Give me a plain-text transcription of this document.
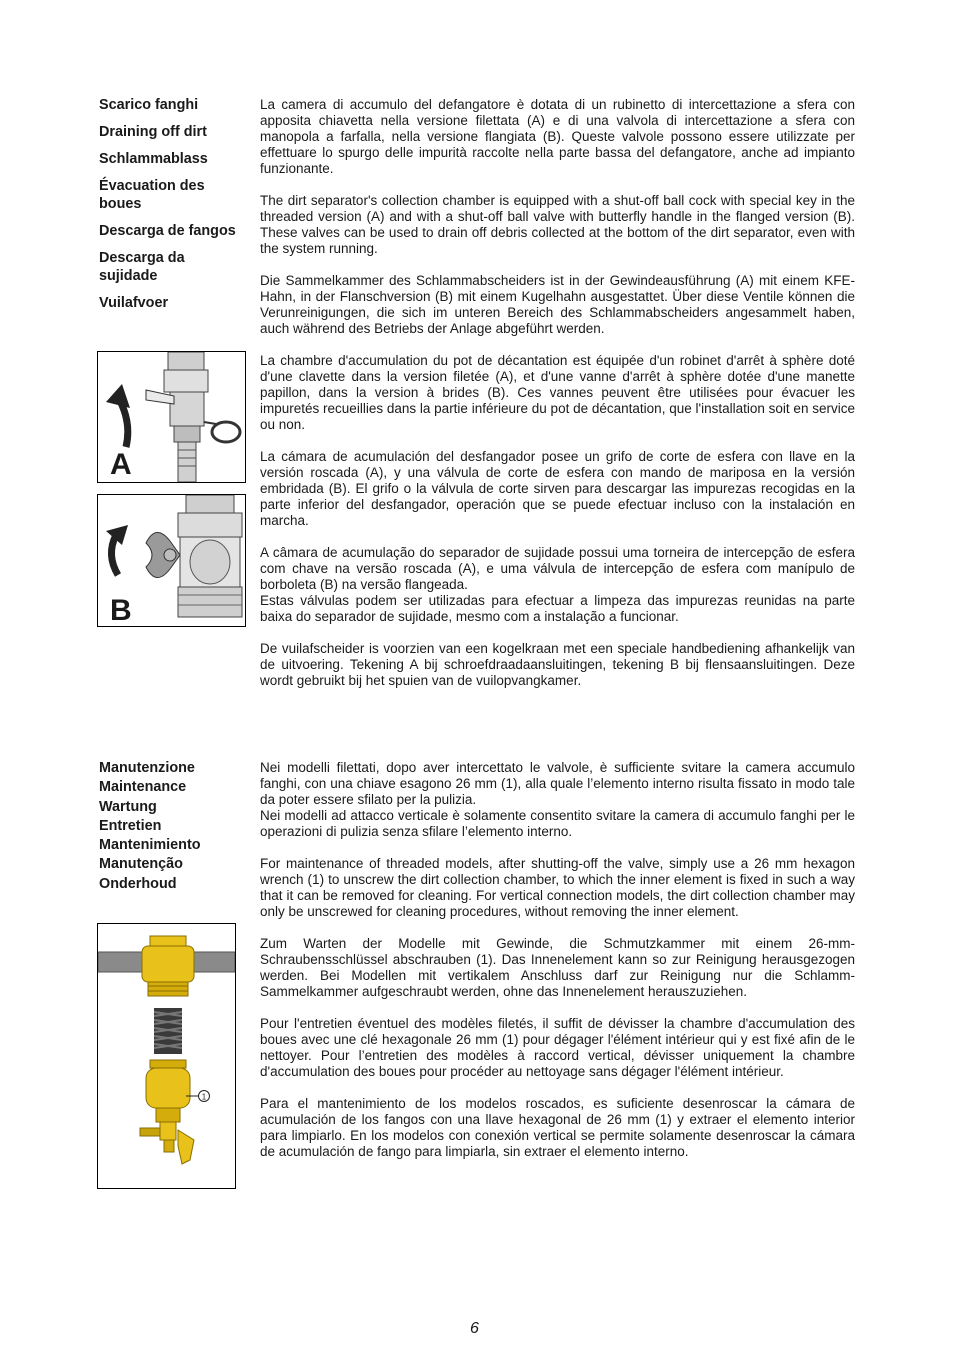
Scarico fanghi
Draining off dirt
Schlammablass
Évacuation des boues
Descarga de fangos
Descarga da sujidade
Vuilafvoer

La camera di accumulo del defangatore è dotata di un rubinetto di intercettazione a sfera con apposita chiavetta nella versione filettata (A) e di una valvola di intercettazione a sfera con manopola a farfalla, nella versione flangiata (B). Queste valvole possono essere utilizzate per effettuare lo spurgo delle impurità raccolte nella parte bassa del defangatore, anche ad impianto funzionante.

The dirt separator's collection chamber is equipped with a shut-off ball cock with special key in the threaded version (A) and with a shut-off ball valve with butterfly handle in the flanged version (B). These valves can be used to drain off debris collected at the bottom of the dirt separator, even with the system running.

Die Sammelkammer des Schlammabscheiders ist in der Gewindeausführung (A) mit einem KFE-Hahn, in der Flanschversion (B) mit einem Kugelhahn ausgestattet. Über diese Ventile können die Verunreinigungen, die sich im unteren Bereich des Schlammabscheiders angesammelt haben, auch während des Betriebs der Anlage abgeführt werden.

La chambre d'accumulation du pot de décantation est équipée d'un robinet d'arrêt à sphère doté d'une clavette dans la version filetée (A), et d'une vanne d'arrêt à sphère dotée d'une manette papillon, dans la version à brides (B). Ces vannes peuvent être utilisées pour évacuer les impuretés recueillies dans la partie inférieure du pot de décantation, que l'installation soit en service ou non.

La cámara de acumulación del desfangador posee un grifo de corte de esfera con llave en la versión roscada (A), y una válvula de corte de esfera con mando de mariposa en la versión embridada (B). El grifo o la válvula de corte sirven para descargar las impurezas recogidas en la parte inferior del desfangador, operación que se puede efectuar incluso con la instalación en marcha.

A câmara de acumulação do separador de sujidade possui uma torneira de intercepção de esfera com chave na versão roscada (A), e uma válvula de intercepção de esfera com manípulo de borboleta (B) na versão flangeada.

Estas válvulas podem ser utilizadas para efectuar a limpeza das impurezas reunidas na parte baixa do separador de sujidade, mesmo com a instalação a funcionar.

De vuilafscheider is voorzien van een kogelkraan met een speciale handbediening afhankelijk van de uitvoering. Tekening A bij schroefdraadaansluitingen, tekening B bij flensaansluitingen. Deze wordt gebruikt bij het spuien van de vuilopvangkamer.

A
B
Manutenzione
Maintenance
Wartung
Entretien
Mantenimiento
Manutenção
Onderhoud

Nei modelli filettati, dopo aver intercettato le valvole, è sufficiente svitare la camera accumulo fanghi, con una chiave esagono 26 mm (1), alla quale l’elemento interno risulta fissato in modo tale da poter essere sfilato per la pulizia.

Nei modelli ad attacco verticale è solamente consentito svitare la camera di accumulo fanghi per le operazioni di pulizia senza sfilare l’elemento interno.

For maintenance of threaded models, after shutting-off the valve, simply use a 26 mm hexagon wrench (1) to unscrew the dirt collection chamber, to which the inner element is fixed in such a way that it can be removed for cleaning. For vertical connection models, the dirt collection chamber may only be unscrewed for cleaning procedures, without removing the inner element.

Zum Warten der Modelle mit Gewinde, die Schmutzkammer mit einem 26-mm-Schraubensschlüssel abschrauben (1). Das Innenelement kann so zur Reinigung herausgezogen werden. Bei Modellen mit vertikalem Anschluss darf zur Reinigung nur die Schlamm-Sammelkammer aufgeschraubt werden, ohne das Innenelement herauszuziehen.

Pour l'entretien éventuel des modèles filetés, il suffit de dévisser la chambre d'accumulation des boues avec une clé hexagonale 26 mm (1) pour dégager l'élément intérieur qui y est fixé afin de le nettoyer. Pour l’entretien des modèles à raccord vertical, dévisser uniquement la chambre d'accumulation des boues pour procéder au nettoyage sans dégager l'élément intérieur.

Para el mantenimiento de los modelos roscados, es suficiente desenroscar la cámara de acumulación de los fangos con una llave hexagonal de 26 mm (1) y extraer el elemento interior para limpiarlo. En los modelos con conexión vertical se permite solamente desenroscar la cámara de acumulación de fango para limpiarla, sin extraer el elemento interno.

1
6
